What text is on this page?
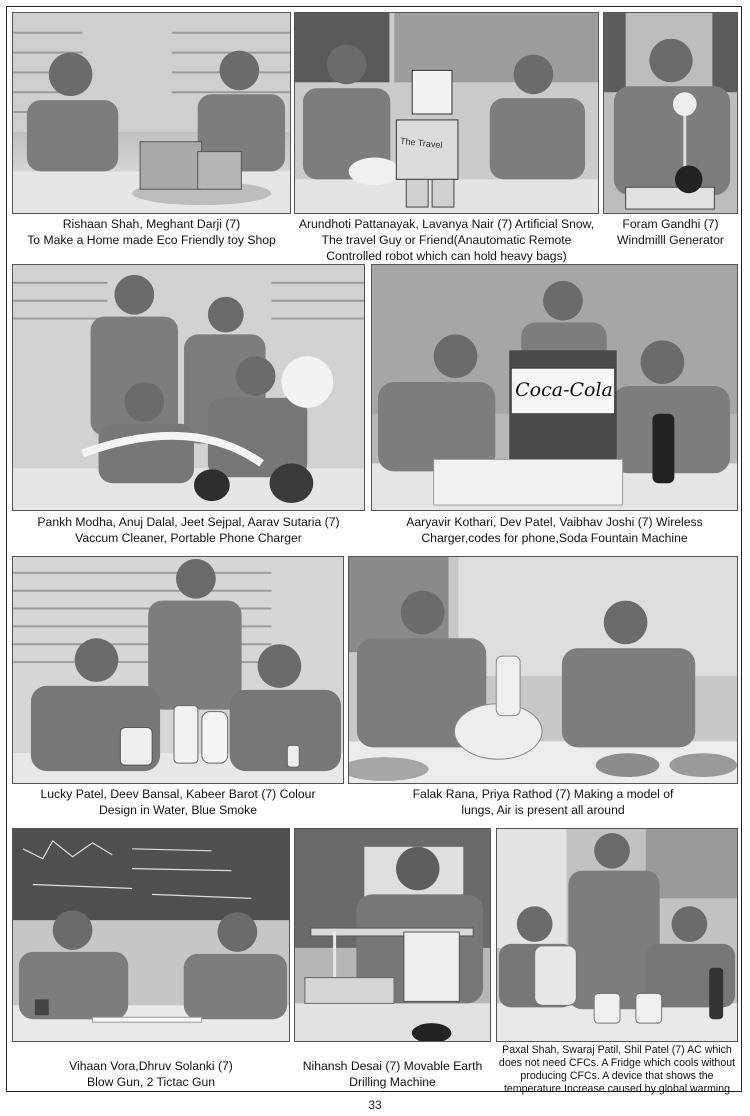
Rishaan Shah, Meghant Darji (7)
To Make a Home made Eco Friendly toy Shop
The Travel
Arundhoti Pattanayak, Lavanya Nair (7) Artificial Snow,
The travel Guy or Friend(Anautomatic Remote
Controlled robot which can hold heavy bags)
Foram Gandhi (7)
Windmilll Generator
Pankh Modha, Anuj Dalal, Jeet Sejpal, Aarav Sutaria (7)
Vaccum Cleaner, Portable Phone Charger
Coca-Cola
Aaryavir Kothari, Dev Patel, Vaibhav Joshi (7) Wireless
Charger,codes for phone,Soda Fountain Machine
Lucky Patel, Deev Bansal, Kabeer Barot (7) Colour
Design in Water, Blue Smoke
Falak Rana, Priya Rathod (7) Making a model of
lungs, Air is present all around
Vihaan Vora,Dhruv Solanki (7)
Blow Gun, 2 Tictac Gun
Nihansh Desai (7) Movable Earth
Drilling Machine
Paxal Shah, Swaraj Patil, Shil Patel (7) AC which
does not need CFCs. A Fridge which cools without
producing CFCs. A device that shows the
temperature Increase caused by global warming
33
